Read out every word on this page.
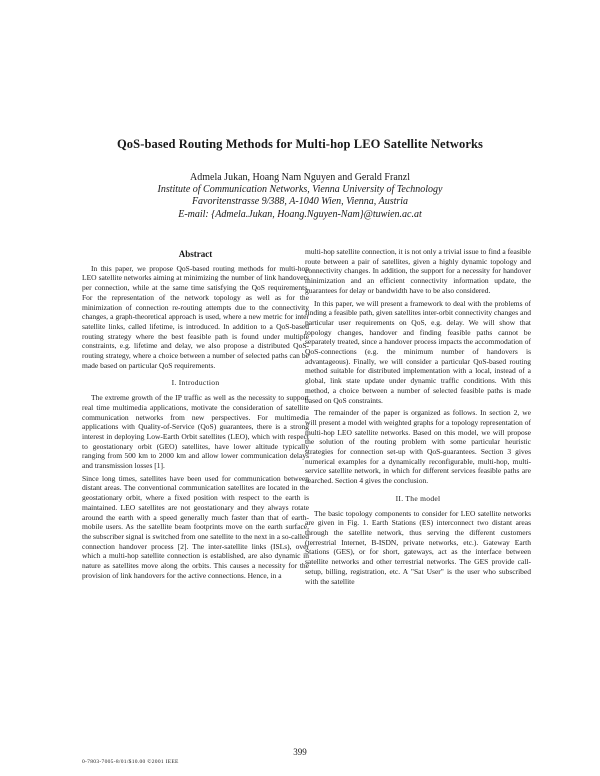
QoS-based Routing Methods for Multi-hop LEO Satellite Networks
Admela Jukan, Hoang Nam Nguyen and Gerald Franzl
Institute of Communication Networks, Vienna University of Technology
Favoritenstrasse 9/388, A-1040 Wien, Vienna, Austria
E-mail: {Admela.Jukan, Hoang.Nguyen-Nam}@tuwien.ac.at
Abstract

In this paper, we propose QoS-based routing methods for multi-hop LEO satellite networks aiming at minimizing the number of link handovers per connection, while at the same time satisfying the QoS requirements. For the representation of the network topology as well as for the minimization of connection re-routing attempts due to the connectivity changes, a graph-theoretical approach is used, where a new metric for inter satellite links, called lifetime, is introduced. In addition to a QoS-based routing strategy where the best feasible path is found under multiple constraints, e.g. lifetime and delay, we also propose a distributed QoS-routing strategy, where a choice between a number of selected paths can be made based on particular QoS requirements.

I. Introduction

The extreme growth of the IP traffic as well as the necessity to support real time multimedia applications, motivate the consideration of satellite communication networks from new perspectives. For multimedia applications with Quality-of-Service (QoS) guarantees, there is a strong interest in deploying Low-Earth Orbit satellites (LEO), which with respect to geostationary orbit (GEO) satellites, have lower altitude typically ranging from 500 km to 2000 km and allow lower communication delays and transmission losses [1].

Since long times, satellites have been used for communication between distant areas. The conventional communication satellites are located in the geostationary orbit, where a fixed position with respect to the earth is maintained. LEO satellites are not geostationary and they always rotate around the earth with a speed generally much faster than that of earth-mobile users. As the satellite beam footprints move on the earth surface, the subscriber signal is switched from one satellite to the next in a so-called connection handover process [2]. The inter-satellite links (ISLs), over which a multi-hop satellite connection is established, are also dynamic in nature as satellites move along the orbits. This causes a necessity for the provision of link handovers for the active connections. Hence, in a

multi-hop satellite connection, it is not only a trivial issue to find a feasible route between a pair of satellites, given a highly dynamic topology and connectivity changes. In addition, the support for a necessity for handover minimization and an efficient connectivity information update, the guarantees for delay or bandwidth have to be also considered.

In this paper, we will present a framework to deal with the problems of finding a feasible path, given satellites inter-orbit connectivity changes and particular user requirements on QoS, e.g. delay. We will show that topology changes, handover and finding feasible paths cannot be separately treated, since a handover process impacts the accommodation of QoS-connections (e.g. the minimum number of handovers is advantageous). Finally, we will consider a particular QoS-based routing method suitable for distributed implementation with a local, instead of a global, link state update under dynamic traffic conditions. With this method, a choice between a number of selected feasible paths is made based on QoS constraints.

The remainder of the paper is organized as follows. In section 2, we will present a model with weighted graphs for a topology representation of multi-hop LEO satellite networks. Based on this model, we will propose the solution of the routing problem with some particular heuristic strategies for connection set-up with QoS-guarantees. Section 3 gives numerical examples for a dynamically reconfigurable, multi-hop, multi-service satellite network, in which for different services feasible paths are searched. Section 4 gives the conclusion.

II. The model

The basic topology components to consider for LEO satellite networks are given in Fig. 1. Earth Stations (ES) interconnect two distant areas through the satellite network, thus serving the different customers (terrestrial Internet, B-ISDN, private networks, etc.). Gateway Earth Stations (GES), or for short, gateways, act as the interface between satellite networks and other terrestrial networks. The GES provide call-setup, billing, registration, etc. A "Sat User" is the user who subscribed with the satellite

399
0-7803-7005-8/01/$10.00 ©2001 IEEE
